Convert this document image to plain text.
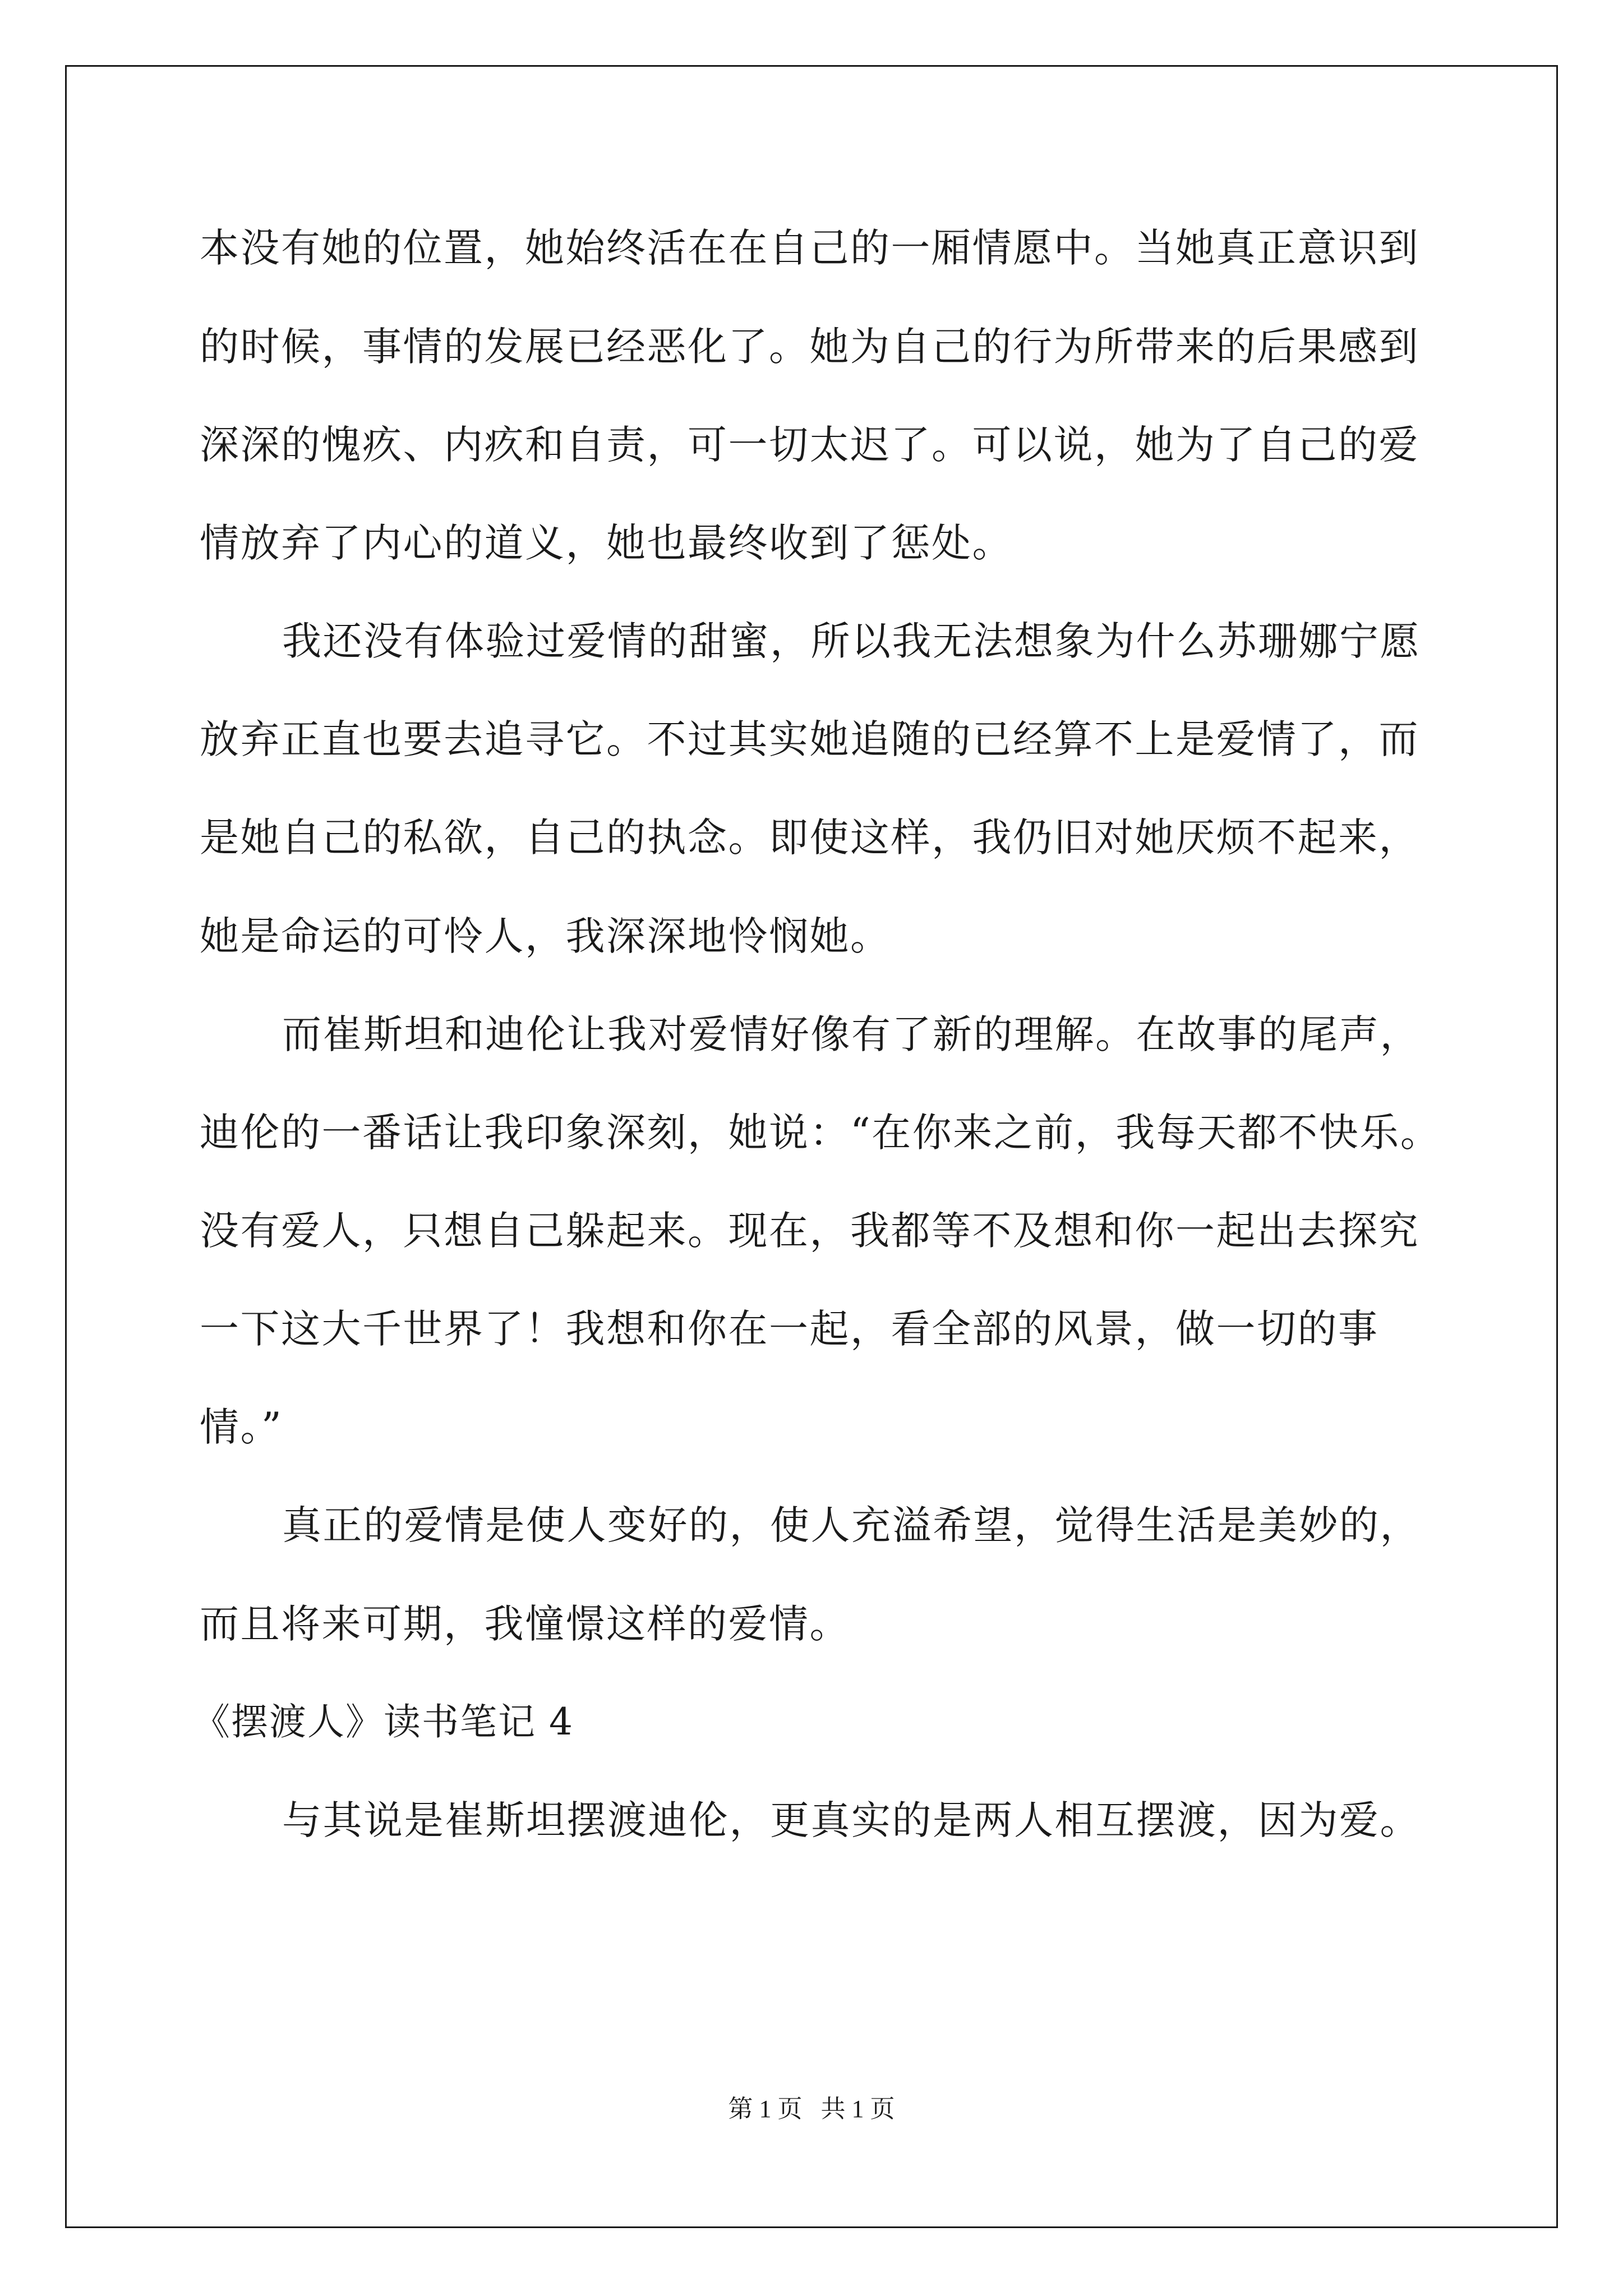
本没有她的位置，她始终活在在自己的一厢情愿中。当她真正意识到
的时候，事情的发展已经恶化了。她为自己的行为所带来的后果感到
深深的愧疚、内疚和自责，可一切太迟了。可以说，她为了自己的爱
情放弃了内心的道义，她也最终收到了惩处。
我还没有体验过爱情的甜蜜，所以我无法想象为什么苏珊娜宁愿
放弃正直也要去追寻它。不过其实她追随的已经算不上是爱情了，而
是她自己的私欲，自己的执念。即使这样，我仍旧对她厌烦不起来，
她是命运的可怜人，我深深地怜悯她。
而崔斯坦和迪伦让我对爱情好像有了新的理解。在故事的尾声，
迪伦的一番话让我印象深刻，她说：“在你来之前，我每天都不快乐。
没有爱人，只想自己躲起来。现在，我都等不及想和你一起出去探究
一下这大千世界了！我想和你在一起，看全部的风景，做一切的事
情。”
真正的爱情是使人变好的，使人充溢希望，觉得生活是美妙的，
而且将来可期，我憧憬这样的爱情。
《摆渡人》读书笔记 4
与其说是崔斯坦摆渡迪伦，更真实的是两人相互摆渡，因为爱。
第 1 页   共 1 页
